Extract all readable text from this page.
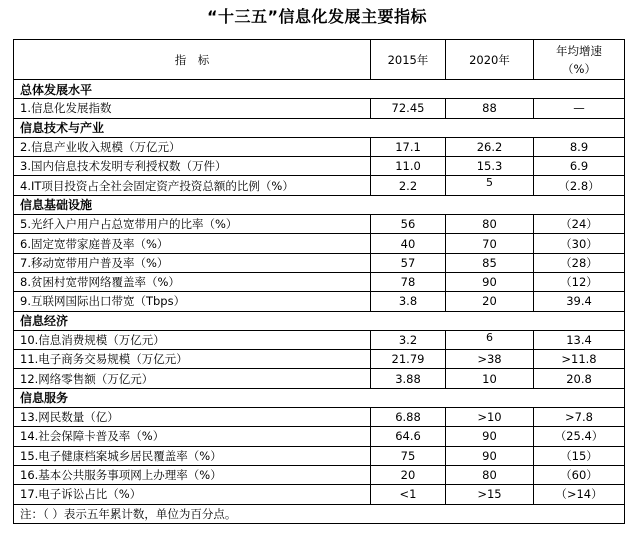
“十三五”信息化发展主要指标
指　标	2015年	2020年	年均增速
（%）
总体发展水平			
1.信息化发展指数	72.45	88	—
信息技术与产业			
2.信息产业收入规模（万亿元）	17.1	26.2	8.9
3.国内信息技术发明专利授权数（万件）	11.0	15.3	6.9
4.IT项目投资占全社会固定资产投资总额的比例（%）	2.2	5	（2.8）
信息基础设施			
5.光纤入户用户占总宽带用户的比率（%）	56	80	（24）
6.固定宽带家庭普及率（%）	40	70	（30）
7.移动宽带用户普及率（%）	57	85	（28）
8.贫困村宽带网络覆盖率（%）	78	90	（12）
9.互联网国际出口带宽（Tbps）	3.8	20	39.4
信息经济			
10.信息消费规模（万亿元）	3.2	6	13.4
11.电子商务交易规模（万亿元）	21.79	>38	>11.8
12.网络零售额（万亿元）	3.88	10	20.8
信息服务			
13.网民数量（亿）	6.88	>10	>7.8
14.社会保障卡普及率（%）	64.6	90	（25.4）
15.电子健康档案城乡居民覆盖率（%）	75	90	（15）
16.基本公共服务事项网上办理率（%）	20	80	（60）
17.电子诉讼占比（%）	<1	>15	（>14）
注：（ ）表示五年累计数，单位为百分点。			
